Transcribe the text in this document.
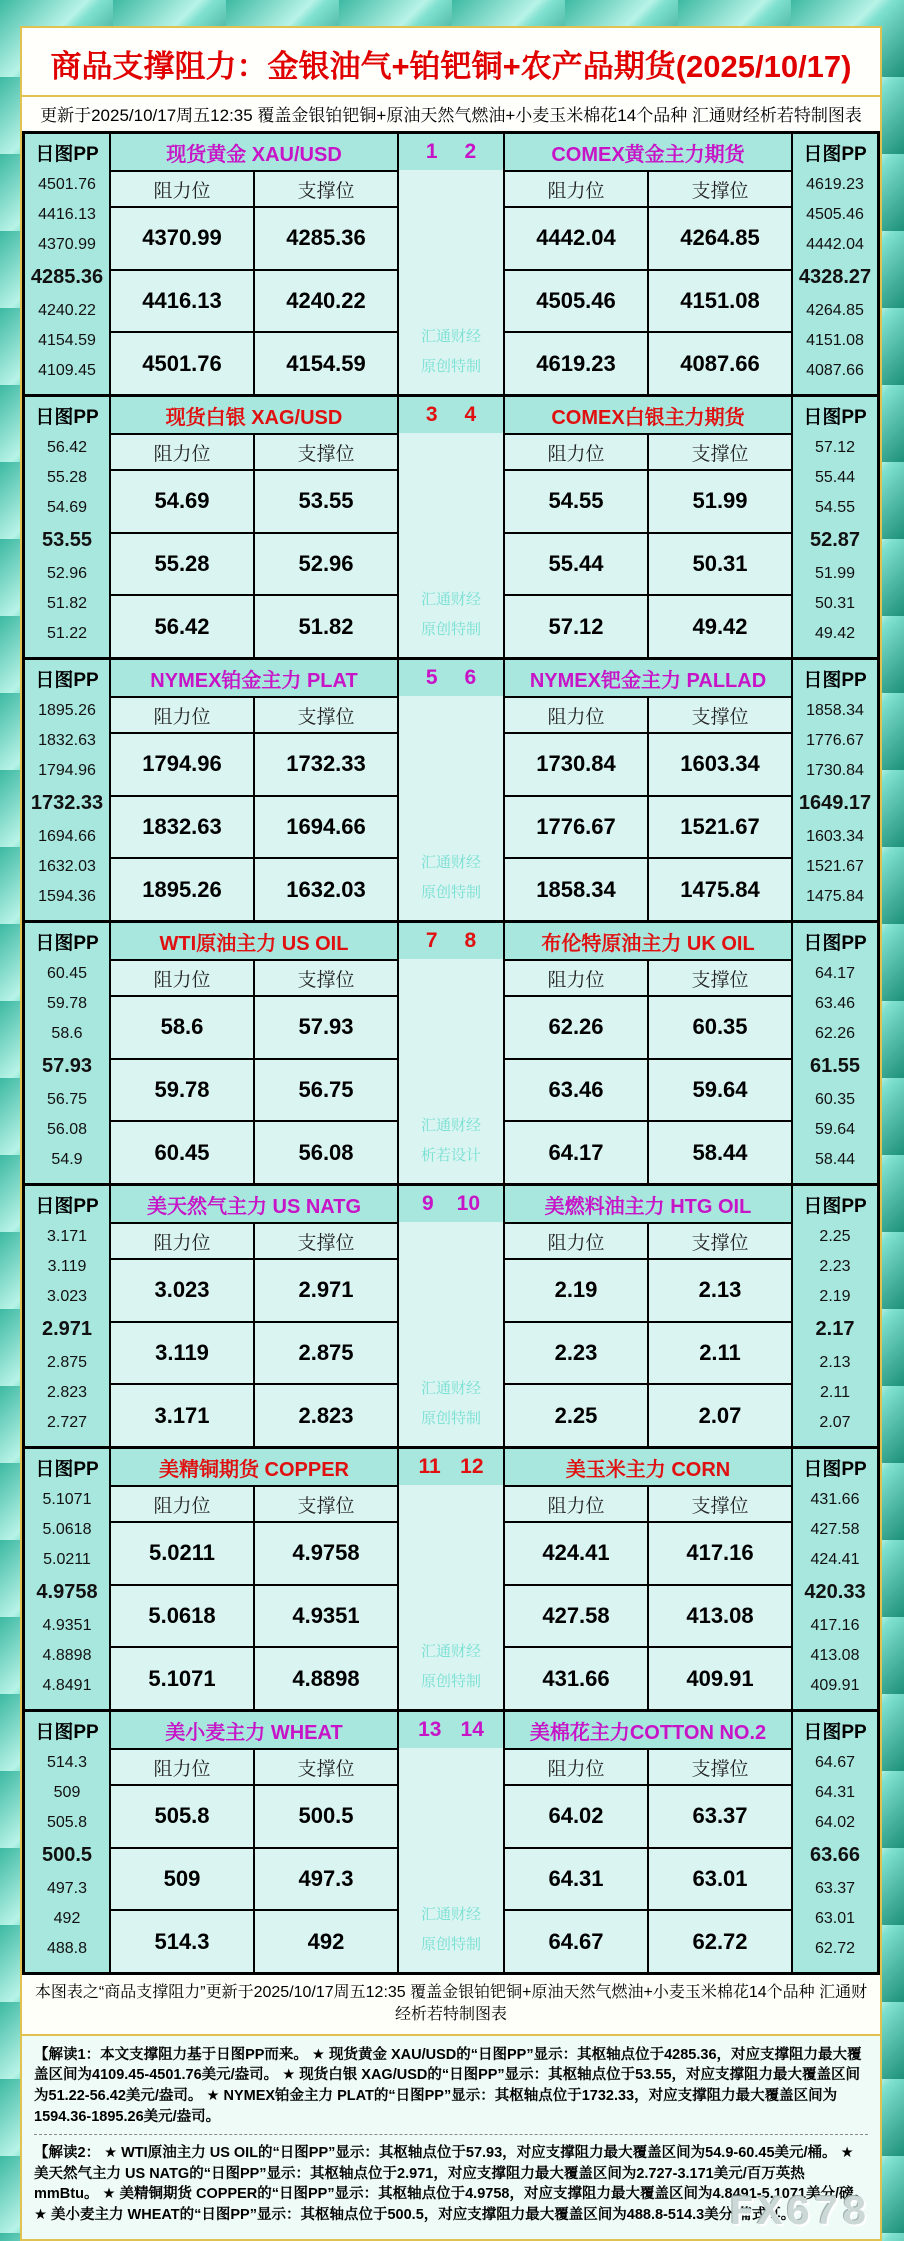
商品支撑阻力：金银油气+铂钯铜+农产品期货(2025/10/17)
更新于2025/10/17周五12:35 覆盖金银铂钯铜+原油天然气燃油+小麦玉米棉花14个品种 汇通财经析若特制图表
日图PP
4501.76
4416.13
4370.99
4285.36
4240.22
4154.59
4109.45
现货黄金 XAU/USD
阻力位	支撑位
4370.99	4285.36
4416.13	4240.22
4501.76	4154.59
1 2
汇通财经
原创特制
COMEX黄金主力期货
阻力位	支撑位
4442.04	4264.85
4505.46	4151.08
4619.23	4087.66
日图PP
4619.23
4505.46
4442.04
4328.27
4264.85
4151.08
4087.66
日图PP
56.42
55.28
54.69
53.55
52.96
51.82
51.22
现货白银 XAG/USD
阻力位	支撑位
54.69	53.55
55.28	52.96
56.42	51.82
3 4
汇通财经
原创特制
COMEX白银主力期货
阻力位	支撑位
54.55	51.99
55.44	50.31
57.12	49.42
日图PP
57.12
55.44
54.55
52.87
51.99
50.31
49.42
日图PP
1895.26
1832.63
1794.96
1732.33
1694.66
1632.03
1594.36
NYMEX铂金主力 PLAT
阻力位	支撑位
1794.96	1732.33
1832.63	1694.66
1895.26	1632.03
5 6
汇通财经
原创特制
NYMEX钯金主力 PALLAD
阻力位	支撑位
1730.84	1603.34
1776.67	1521.67
1858.34	1475.84
日图PP
1858.34
1776.67
1730.84
1649.17
1603.34
1521.67
1475.84
日图PP
60.45
59.78
58.6
57.93
56.75
56.08
54.9
WTI原油主力 US OIL
阻力位	支撑位
58.6	57.93
59.78	56.75
60.45	56.08
7 8
汇通财经
析若设计
布伦特原油主力 UK OIL
阻力位	支撑位
62.26	60.35
63.46	59.64
64.17	58.44
日图PP
64.17
63.46
62.26
61.55
60.35
59.64
58.44
日图PP
3.171
3.119
3.023
2.971
2.875
2.823
2.727
美天然气主力 US NATG
阻力位	支撑位
3.023	2.971
3.119	2.875
3.171	2.823
9 10
汇通财经
原创特制
美燃料油主力 HTG OIL
阻力位	支撑位
2.19	2.13
2.23	2.11
2.25	2.07
日图PP
2.25
2.23
2.19
2.17
2.13
2.11
2.07
日图PP
5.1071
5.0618
5.0211
4.9758
4.9351
4.8898
4.8491
美精铜期货 COPPER
阻力位	支撑位
5.0211	4.9758
5.0618	4.9351
5.1071	4.8898
11 12
汇通财经
原创特制
美玉米主力 CORN
阻力位	支撑位
424.41	417.16
427.58	413.08
431.66	409.91
日图PP
431.66
427.58
424.41
420.33
417.16
413.08
409.91
日图PP
514.3
509
505.8
500.5
497.3
492
488.8
美小麦主力 WHEAT
阻力位	支撑位
505.8	500.5
509	497.3
514.3	492
13 14
汇通财经
原创特制
美棉花主力COTTON NO.2
阻力位	支撑位
64.02	63.37
64.31	63.01
64.67	62.72
日图PP
64.67
64.31
64.02
63.66
63.37
63.01
62.72
本图表之“商品支撑阻力”更新于2025/10/17周五12:35 覆盖金银铂钯铜+原油天然气燃油+小麦玉米棉花14个品种 汇通财经析若特制图表

【解读1：本文支撑阻力基于日图PP而来。 ★ 现货黄金 XAU/USD的“日图PP”显示：其枢轴点位于4285.36，对应支撑阻力最大覆盖区间为4109.45-4501.76美元/盎司。 ★ 现货白银 XAG/USD的“日图PP”显示：其枢轴点位于53.55，对应支撑阻力最大覆盖区间为51.22-56.42美元/盎司。 ★ NYMEX铂金主力 PLAT的“日图PP”显示：其枢轴点位于1732.33，对应支撑阻力最大覆盖区间为1594.36-1895.26美元/盎司。

【解读2： ★ WTI原油主力 US OIL的“日图PP”显示：其枢轴点位于57.93，对应支撑阻力最大覆盖区间为54.9-60.45美元/桶。 ★ 美天然气主力 US NATG的“日图PP”显示：其枢轴点位于2.971，对应支撑阻力最大覆盖区间为2.727-3.171美元/百万英热mmBtu。 ★ 美精铜期货 COPPER的“日图PP”显示：其枢轴点位于4.9758，对应支撑阻力最大覆盖区间为4.8491-5.1071美分/磅。 ★ 美小麦主力 WHEAT的“日图PP”显示：其枢轴点位于500.5，对应支撑阻力最大覆盖区间为488.8-514.3美分/蒲式耳。

FX678
